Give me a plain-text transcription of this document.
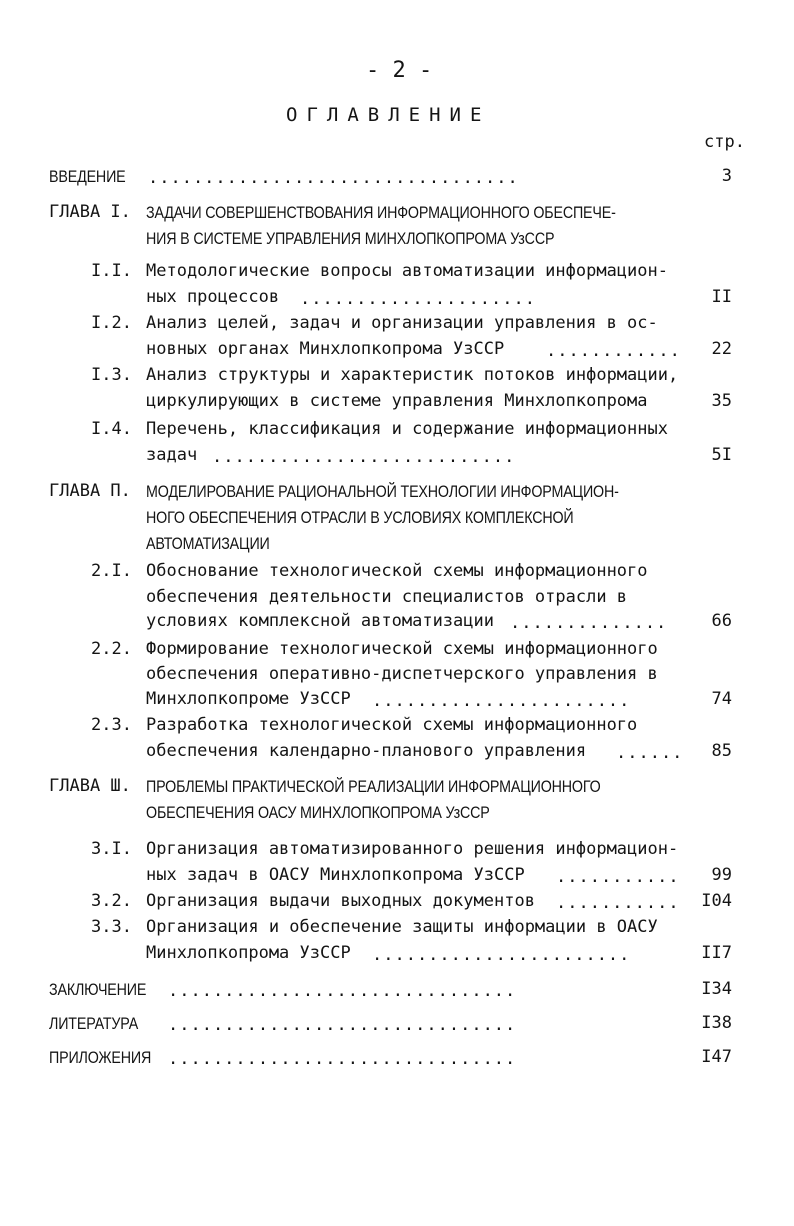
- 2 -
ОГЛАВЛЕНИЕ
стр.
ВВЕДЕНИЕ .................................	3
ГЛАВА I. ЗАДАЧИ СОВЕРШЕНСТВОВАНИЯ ИНФОРМАЦИОННОГО ОБЕСПЕЧЕ-
НИЯ В СИСТЕМЕ УПРАВЛЕНИЯ МИНХЛОПКОПРОМА УзССР
I.I. Методологические вопросы автоматизации информацион-
ных процессов .....................	II
I.2. Анализ целей, задач и организации управления в ос-
новных органах Минхлопкопрома УзССР ............ 22
I.3. Анализ структуры и характеристик потоков информации,
циркулирующих в системе управления Минхлопкопрома	35
I.4. Перечень, классификация и содержание информационных
задач ...........................	5I
ГЛАВА П. МОДЕЛИРОВАНИЕ РАЦИОНАЛЬНОЙ ТЕХНОЛОГИИ ИНФОРМАЦИОН-
НОГО ОБЕСПЕЧЕНИЯ ОТРАСЛИ В УСЛОВИЯХ КОМПЛЕКСНОЙ
АВТОМАТИЗАЦИИ
2.I. Обоснование технологической схемы информационного
обеспечения деятельности специалистов отрасли в
условиях комплексной автоматизации ..............	66
2.2. Формирование технологической схемы информационного
обеспечения оперативно-диспетчерского управления в
Минхлопкопроме УзССР .......................	74
2.3. Разработка технологической схемы информационного
обеспечения календарно-планового управления ...... 85
ГЛАВА Ш. ПРОБЛЕМЫ ПРАКТИЧЕСКОЙ РЕАЛИЗАЦИИ ИНФОРМАЦИОННОГО
ОБЕСПЕЧЕНИЯ ОАСУ МИНХЛОПКОПРОМА УзССР
3.I. Организация автоматизированного решения информацион-
ных задач в ОАСУ Минхлопкопрома УзССР ........... 99
3.2. Организация выдачи выходных документов ........... I04
3.3. Организация и обеспечение защиты информации в ОАСУ
Минхлопкопрома УзССР .......................	II7
ЗАКЛЮЧЕНИЕ ...............................	I34
ЛИТЕРАТУРА ...............................	I38
ПРИЛОЖЕНИЯ ...............................	I47
